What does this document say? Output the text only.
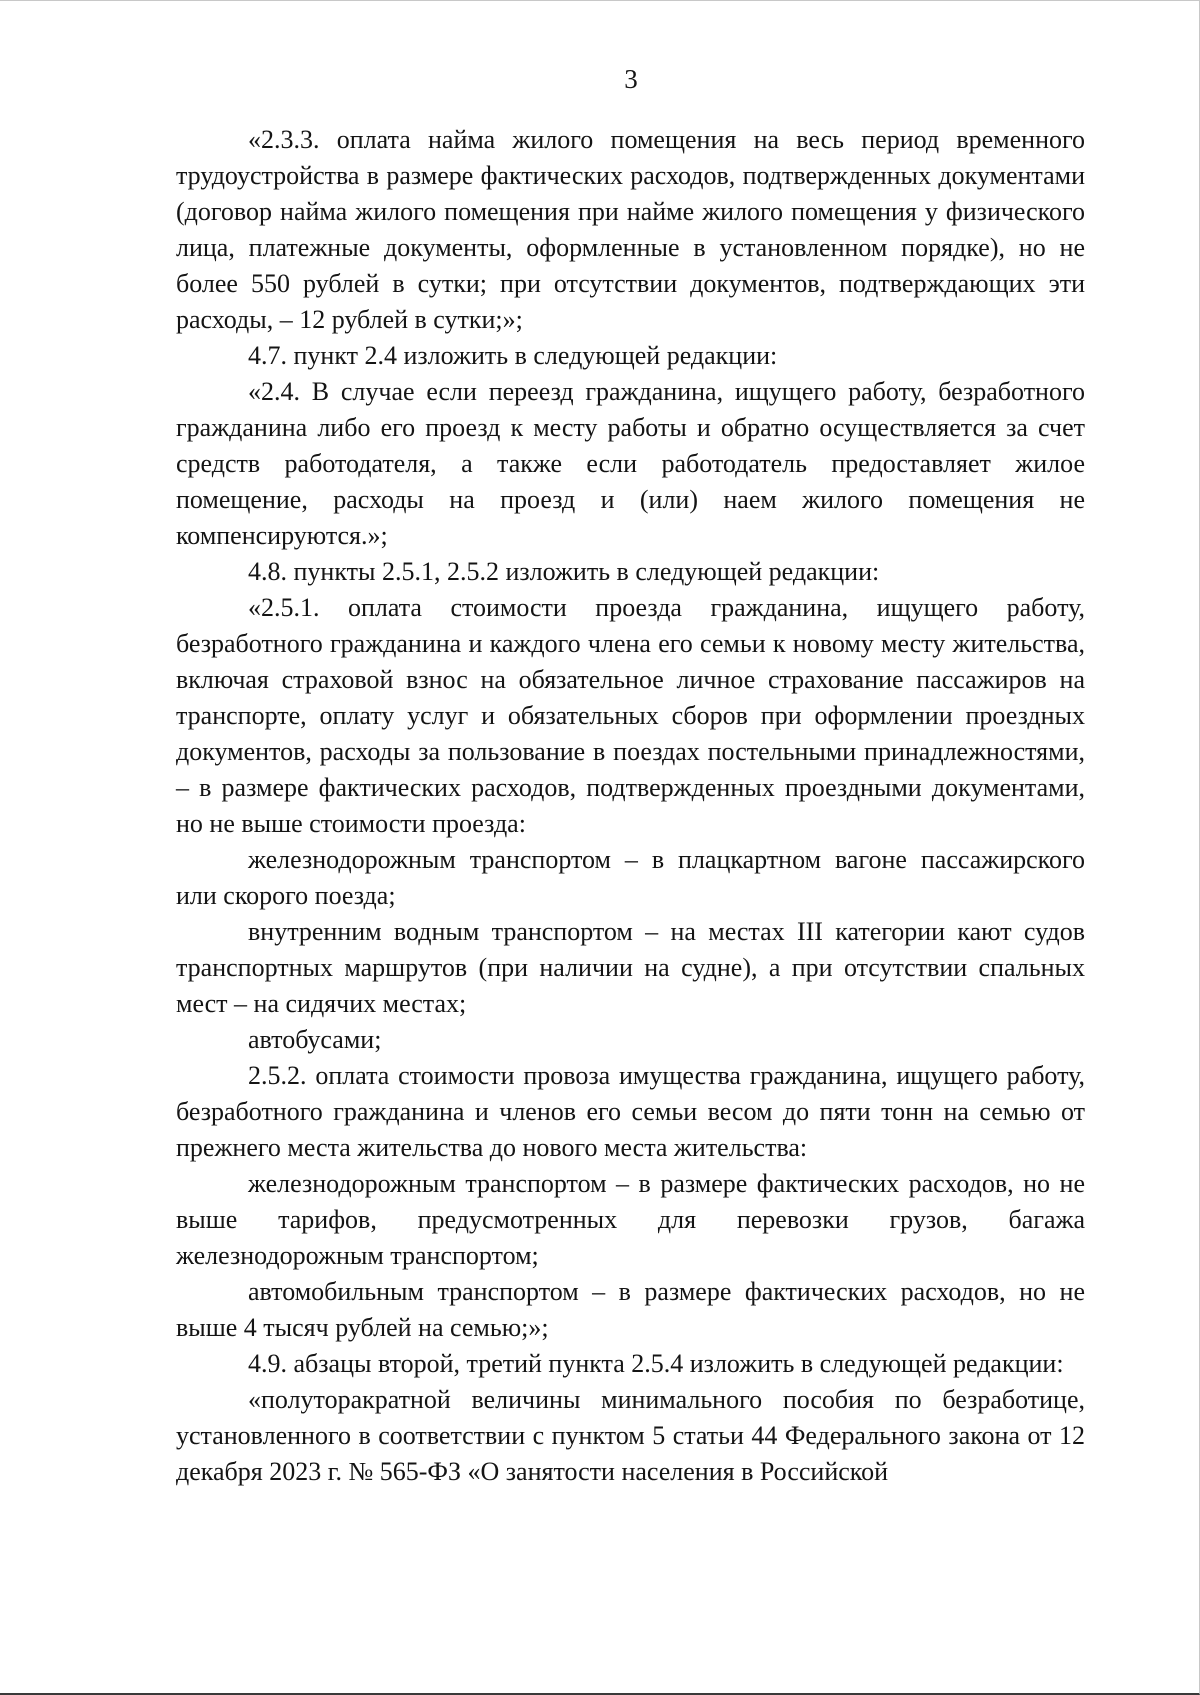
3

«2.3.3. оплата найма жилого помещения на весь период временного трудоустройства в размере фактических расходов, подтвержденных документами (договор найма жилого помещения при найме жилого помещения у физического лица, платежные документы, оформленные в установленном порядке), но не более 550 рублей в сутки; при отсутствии документов, подтверждающих эти расходы, – 12 рублей в сутки;»;

4.7. пункт 2.4 изложить в следующей редакции:

«2.4. В случае если переезд гражданина, ищущего работу, безработного гражданина либо его проезд к месту работы и обратно осуществляется за счет средств работодателя, а также если работодатель предоставляет жилое помещение, расходы на проезд и (или) наем жилого помещения не компенсируются.»;

4.8. пункты 2.5.1, 2.5.2 изложить в следующей редакции:

«2.5.1. оплата стоимости проезда гражданина, ищущего работу, безработного гражданина и каждого члена его семьи к новому месту жительства, включая страховой взнос на обязательное личное страхование пассажиров на транспорте, оплату услуг и обязательных сборов при оформлении проездных документов, расходы за пользование в поездах постельными принадлежностями, – в размере фактических расходов, подтвержденных проездными документами, но не выше стоимости проезда:

железнодорожным транспортом – в плацкартном вагоне пассажирского или скорого поезда;

внутренним водным транспортом – на местах III категории кают судов транспортных маршрутов (при наличии на судне), а при отсутствии спальных мест – на сидячих местах;

автобусами;

2.5.2. оплата стоимости провоза имущества гражданина, ищущего работу, безработного гражданина и членов его семьи весом до пяти тонн на семью от прежнего места жительства до нового места жительства:

железнодорожным транспортом – в размере фактических расходов, но не выше тарифов, предусмотренных для перевозки грузов, багажа железнодорожным транспортом;

автомобильным транспортом – в размере фактических расходов, но не выше 4 тысяч рублей на семью;»;

4.9. абзацы второй, третий пункта 2.5.4 изложить в следующей редакции:

«полуторакратной величины минимального пособия по безработице, установленного в соответствии с пунктом 5 статьи 44 Федерального закона от 12 декабря 2023 г. № 565-ФЗ «О занятости населения в Российской
